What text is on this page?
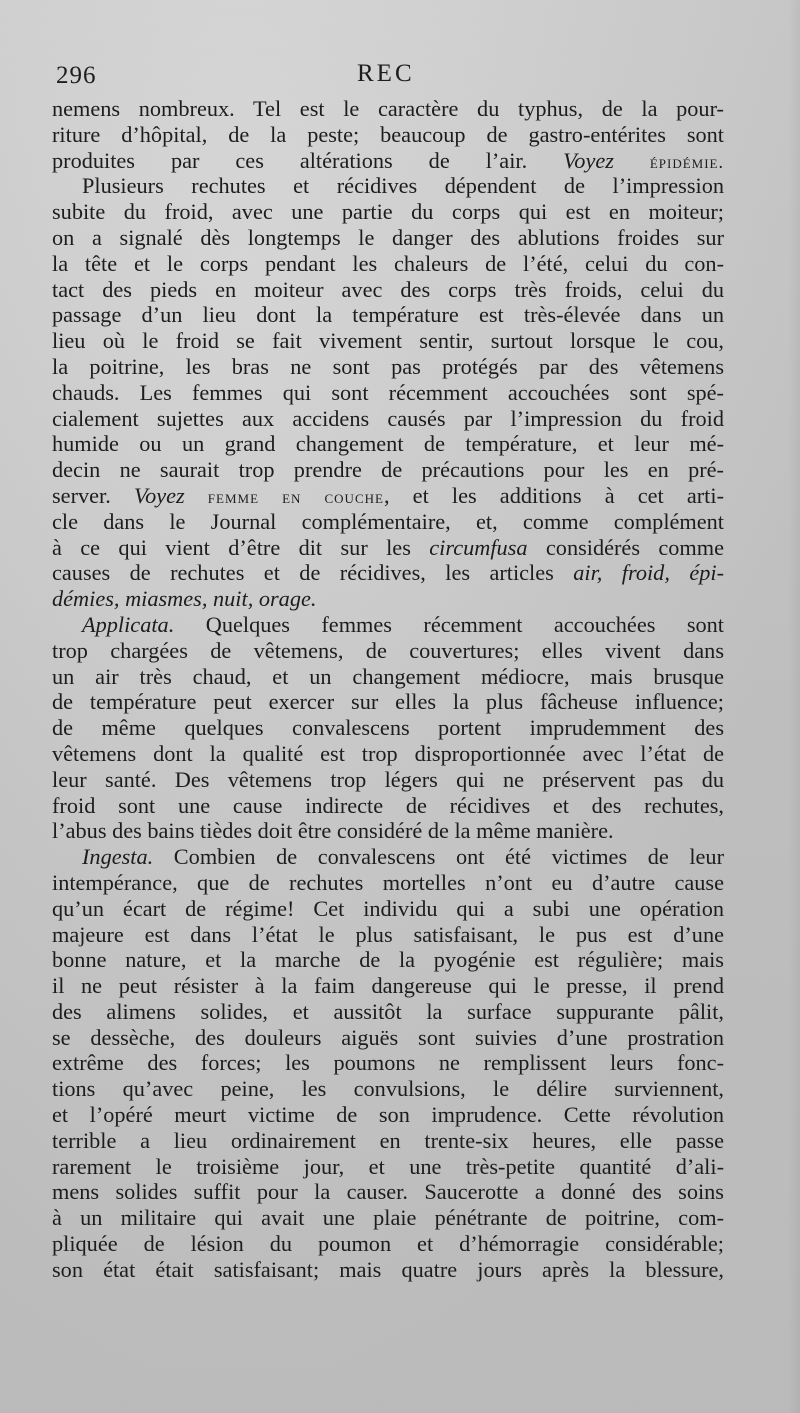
296	REC
nemens nombreux. Tel est le caractère du typhus, de la pour-
riture d’hôpital, de la peste; beaucoup de gastro-entérites sont
produites par ces altérations de l’air. Voyez épidémie.
Plusieurs rechutes et récidives dépendent de l’impression
subite du froid, avec une partie du corps qui est en moiteur;
on a signalé dès longtemps le danger des ablutions froides sur
la tête et le corps pendant les chaleurs de l’été, celui du con-
tact des pieds en moiteur avec des corps très froids, celui du
passage d’un lieu dont la température est très-élevée dans un
lieu où le froid se fait vivement sentir, surtout lorsque le cou,
la poitrine, les bras ne sont pas protégés par des vêtemens
chauds. Les femmes qui sont récemment accouchées sont spé-
cialement sujettes aux accidens causés par l’impression du froid
humide ou un grand changement de température, et leur mé-
decin ne saurait trop prendre de précautions pour les en pré-
server. Voyez femme en couche, et les additions à cet arti-
cle dans le Journal complémentaire, et, comme complément
à ce qui vient d’être dit sur les circumfusa considérés comme
causes de rechutes et de récidives, les articles air, froid, épi-
démies, miasmes, nuit, orage.
Applicata. Quelques femmes récemment accouchées sont
trop chargées de vêtemens, de couvertures; elles vivent dans
un air très chaud, et un changement médiocre, mais brusque
de température peut exercer sur elles la plus fâcheuse influence;
de même quelques convalescens portent imprudemment des
vêtemens dont la qualité est trop disproportionnée avec l’état de
leur santé. Des vêtemens trop légers qui ne préservent pas du
froid sont une cause indirecte de récidives et des rechutes,
l’abus des bains tièdes doit être considéré de la même manière.
Ingesta. Combien de convalescens ont été victimes de leur
intempérance, que de rechutes mortelles n’ont eu d’autre cause
qu’un écart de régime! Cet individu qui a subi une opération
majeure est dans l’état le plus satisfaisant, le pus est d’une
bonne nature, et la marche de la pyogénie est régulière; mais
il ne peut résister à la faim dangereuse qui le presse, il prend
des alimens solides, et aussitôt la surface suppurante pâlit,
se dessèche, des douleurs aiguës sont suivies d’une prostration
extrême des forces; les poumons ne remplissent leurs fonc-
tions qu’avec peine, les convulsions, le délire surviennent,
et l’opéré meurt victime de son imprudence. Cette révolution
terrible a lieu ordinairement en trente-six heures, elle passe
rarement le troisième jour, et une très-petite quantité d’ali-
mens solides suffit pour la causer. Saucerotte a donné des soins
à un militaire qui avait une plaie pénétrante de poitrine, com-
pliquée de lésion du poumon et d’hémorragie considérable;
son état était satisfaisant; mais quatre jours après la blessure,
